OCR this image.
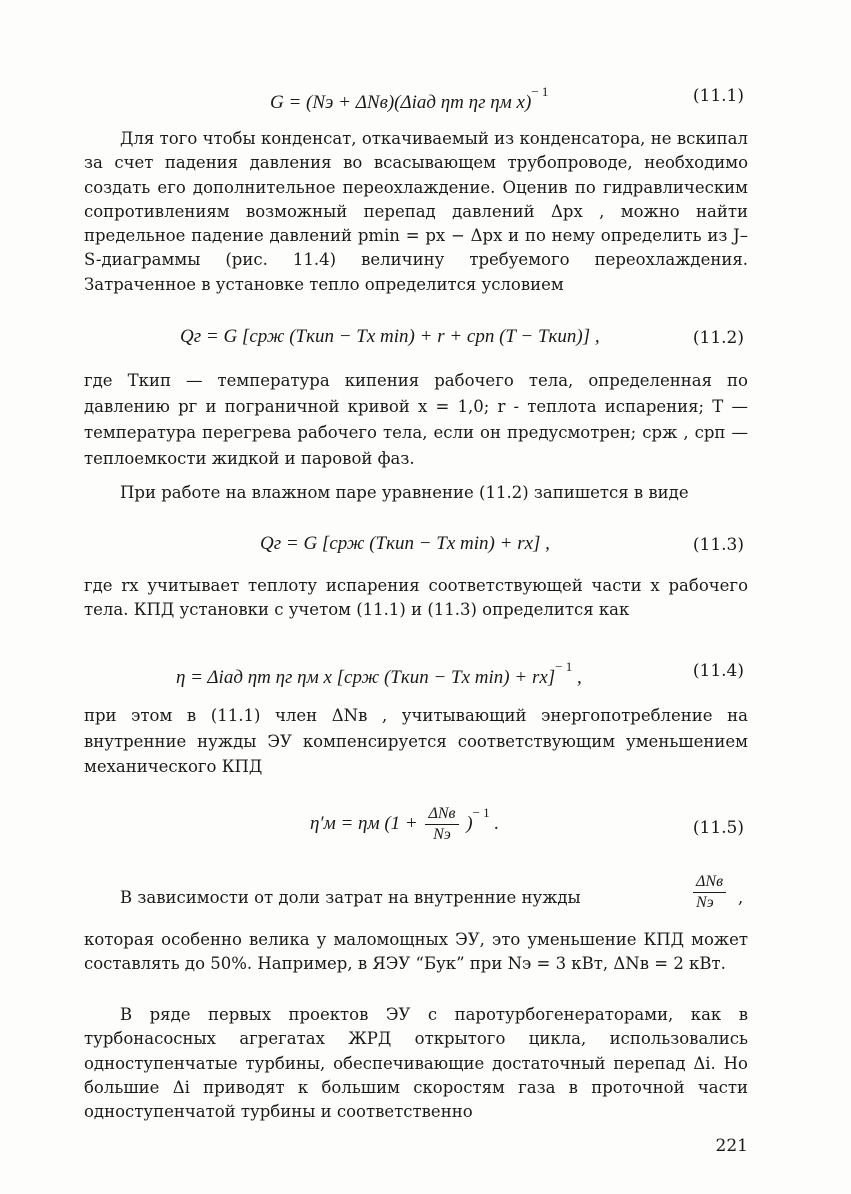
G = (Nэ + ΔNв)(Δiад ηт ηг ηм x)$^{- 1}$	(11.1)

Для того чтобы конденсат, откачиваемый из конденсатора, не вскипал за счет падения давления во всасывающем трубопроводе, необходимо создать его дополнительное переохлаждение. Оценив по гидравлическим сопротивлениям возможный перепад давлений Δpx , можно найти предельное падение давлений pmin = px − Δpx и по нему определить из J–S-диаграммы (рис. 11.4) величину требуемого переохлаждения. Затраченное в установке тепло определится условием

Qг = G [cрж (Tкип − Tx min) + r + cрп (T − Tкип)] ,	(11.2)

где Tкип — температура кипения рабочего тела, определенная по давлению pг и пограничной кривой x = 1,0; r - теплота испарения; T — температура перегрева рабочего тела, если он предусмотрен; cрж , cрп — теплоемкости жидкой и паровой фаз.

При работе на влажном паре уравнение (11.2) запишется в виде

Qг = G [cрж (Tкип − Tx min) + rx] ,	(11.3)

где rx учитывает теплоту испарения соответствующей части x рабочего тела. КПД установки с учетом (11.1) и (11.3) определится как

η = Δiад ηт ηг ηм x [cрж (Tкип − Tx min) + rx]$^{- 1}$ ,	(11.4)

при этом в (11.1) член ΔNв , учитывающий энергопотребление на внутренние нужды ЭУ компенсируется соответствующим уменьшением механического КПД

η′м = ηм $(1 + \frac{\text{ΔNв}}{Nэ} )^{- 1}$ .	(11.5)
В зависимости от доли затрат на внутренние нужды
ΔNв
Nэ	,

которая особенно велика у маломощных ЭУ, это уменьшение КПД может составлять до 50%. Например, в ЯЭУ “Бук” при Nэ = 3 кВт, ΔNв = 2 кВт.

В ряде первых проектов ЭУ с паротурбогенераторами, как в турбонасосных агрегатах ЖРД открытого цикла, использовались одноступенчатые турбины, обеспечивающие достаточный перепад Δi. Но большие Δi приводят к большим скоростям газа в проточной части одноступенчатой турбины и соответственно

221
